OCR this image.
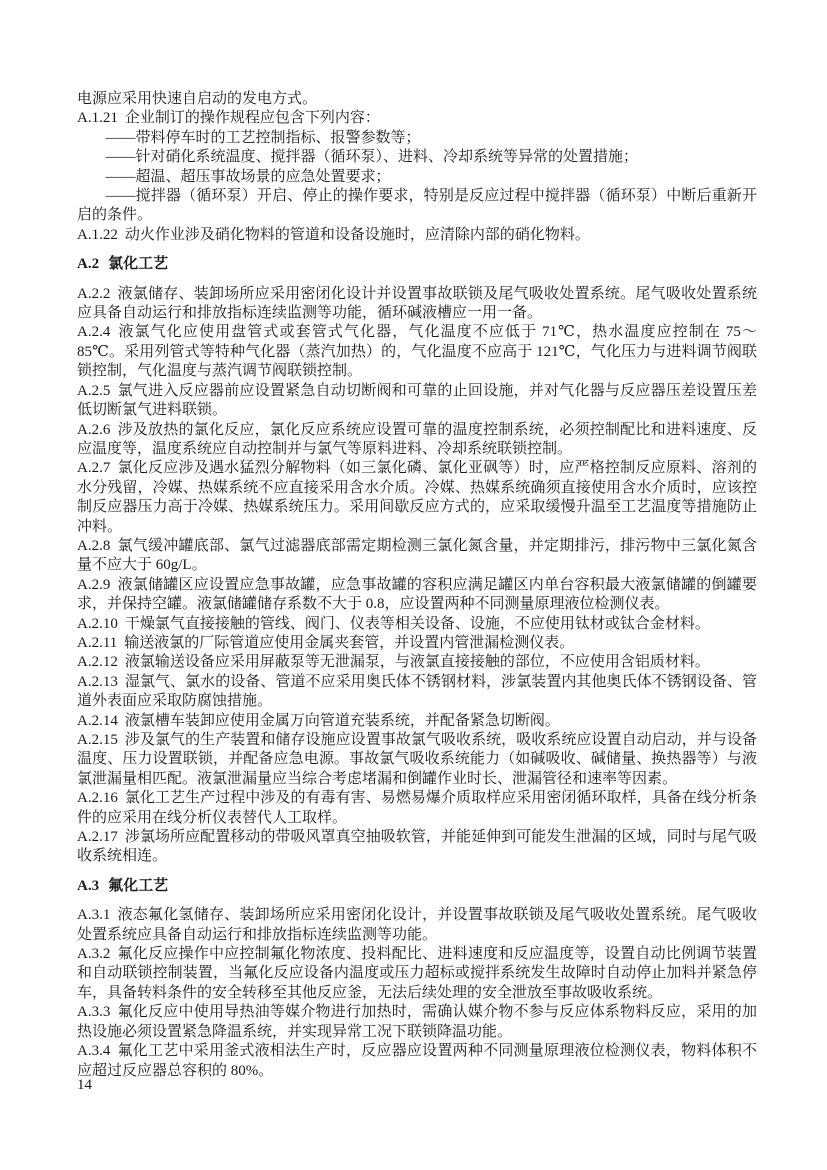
电源应采用快速自启动的发电方式。

A.1.21 企业制订的操作规程应包含下列内容：

——带料停车时的工艺控制指标、报警参数等；

——针对硝化系统温度、搅拌器（循环泵）、进料、冷却系统等异常的处置措施；

——超温、超压事故场景的应急处置要求；

——搅拌器（循环泵）开启、停止的操作要求，特别是反应过程中搅拌器（循环泵）中断后重新开启的条件。

A.1.22 动火作业涉及硝化物料的管道和设备设施时，应清除内部的硝化物料。

A.2 氯化工艺

A.2.2 液氯储存、装卸场所应采用密闭化设计并设置事故联锁及尾气吸收处置系统。尾气吸收处置系统应具备自动运行和排放指标连续监测等功能，循环碱液槽应一用一备。

A.2.4 液氯气化应使用盘管式或套管式气化器，气化温度不应低于 71℃，热水温度应控制在 75～85℃。采用列管式等特种气化器（蒸汽加热）的，气化温度不应高于 121℃，气化压力与进料调节阀联锁控制，气化温度与蒸汽调节阀联锁控制。

A.2.5 氯气进入反应器前应设置紧急自动切断阀和可靠的止回设施，并对气化器与反应器压差设置压差低切断氯气进料联锁。

A.2.6 涉及放热的氯化反应，氯化反应系统应设置可靠的温度控制系统，必须控制配比和进料速度、反应温度等，温度系统应自动控制并与氯气等原料进料、冷却系统联锁控制。

A.2.7 氯化反应涉及遇水猛烈分解物料（如三氯化磷、氯化亚砜等）时，应严格控制反应原料、溶剂的水分残留，冷媒、热媒系统不应直接采用含水介质。冷媒、热媒系统确须直接使用含水介质时，应该控制反应器压力高于冷媒、热媒系统压力。采用间歇反应方式的，应采取缓慢升温至工艺温度等措施防止冲料。

A.2.8 氯气缓冲罐底部、氯气过滤器底部需定期检测三氯化氮含量，并定期排污，排污物中三氯化氮含量不应大于 60g/L。

A.2.9 液氯储罐区应设置应急事故罐，应急事故罐的容积应满足罐区内单台容积最大液氯储罐的倒罐要求，并保持空罐。液氯储罐储存系数不大于 0.8，应设置两种不同测量原理液位检测仪表。

A.2.10 干燥氯气直接接触的管线、阀门、仪表等相关设备、设施，不应使用钛材或钛合金材料。

A.2.11 输送液氯的厂际管道应使用金属夹套管，并设置内管泄漏检测仪表。

A.2.12 液氯输送设备应采用屏蔽泵等无泄漏泵，与液氯直接接触的部位，不应使用含铝质材料。

A.2.13 湿氯气、氯水的设备、管道不应采用奥氏体不锈钢材料，涉氯装置内其他奥氏体不锈钢设备、管道外表面应采取防腐蚀措施。

A.2.14 液氯槽车装卸应使用金属万向管道充装系统，并配备紧急切断阀。

A.2.15 涉及氯气的生产装置和储存设施应设置事故氯气吸收系统，吸收系统应设置自动启动，并与设备温度、压力设置联锁，并配备应急电源。事故氯气吸收系统能力（如碱吸收、碱储量、换热器等）与液氯泄漏量相匹配。液氯泄漏量应当综合考虑堵漏和倒罐作业时长、泄漏管径和速率等因素。

A.2.16 氯化工艺生产过程中涉及的有毒有害、易燃易爆介质取样应采用密闭循环取样，具备在线分析条件的应采用在线分析仪表替代人工取样。

A.2.17 涉氯场所应配置移动的带吸风罩真空抽吸软管，并能延伸到可能发生泄漏的区域，同时与尾气吸收系统相连。

A.3 氟化工艺

A.3.1 液态氟化氢储存、装卸场所应采用密闭化设计，并设置事故联锁及尾气吸收处置系统。尾气吸收处置系统应具备自动运行和排放指标连续监测等功能。

A.3.2 氟化反应操作中应控制氟化物浓度、投料配比、进料速度和反应温度等，设置自动比例调节装置和自动联锁控制装置，当氟化反应设备内温度或压力超标或搅拌系统发生故障时自动停止加料并紧急停车，具备转料条件的安全转移至其他反应釜，无法后续处理的安全泄放至事故吸收系统。

A.3.3 氟化反应中使用导热油等媒介物进行加热时，需确认媒介物不参与反应体系物料反应，采用的加热设施必须设置紧急降温系统，并实现异常工况下联锁降温功能。

A.3.4 氟化工艺中采用釜式液相法生产时，反应器应设置两种不同测量原理液位检测仪表，物料体积不应超过反应器总容积的 80%。

14
